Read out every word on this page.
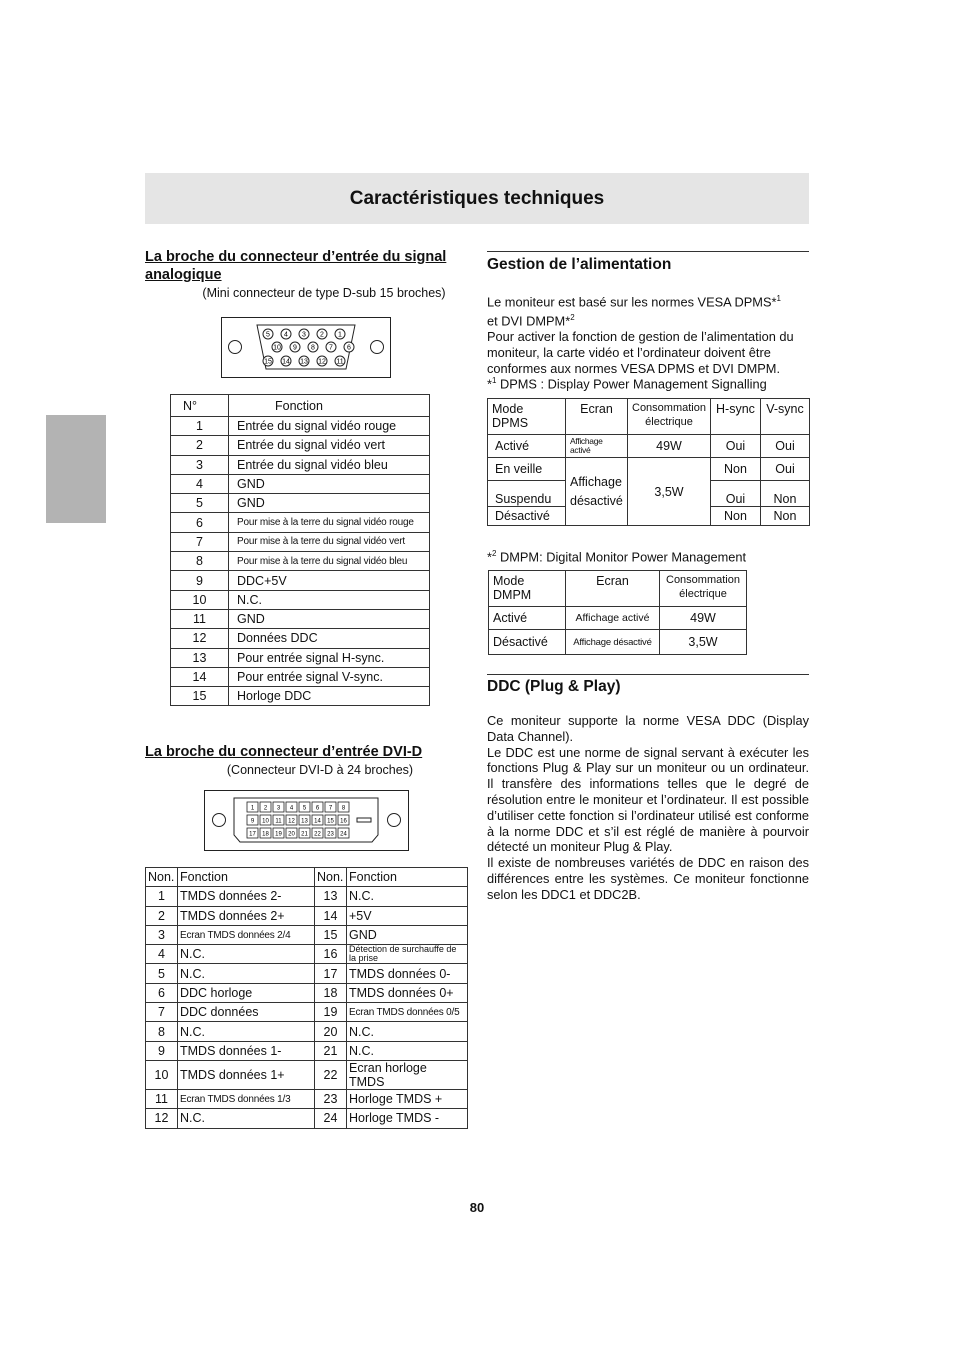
Caractéristiques techniques
La broche du connecteur d’entrée du signal analogique
(Mini connecteur de type D-sub 15 broches)
5 4 3 2 1
10 9 8 7 6
15 14 13 12 11
N°	Fonction
1	Entrée du signal vidéo rouge
2	Entrée du signal vidéo vert
3	Entrée du signal vidéo bleu
4	GND
5	GND
6	Pour mise à la terre du signal vidéo rouge
7	Pour mise à la terre du signal vidéo vert
8	Pour mise à la terre du signal vidéo bleu
9	DDC+5V
10	N.C.
11	GND
12	Données DDC
13	Pour entrée signal H-sync.
14	Pour entrée signal V-sync.
15	Horloge DDC
La broche du connecteur d’entrée DVI-D
(Connecteur DVI-D à 24 broches)
1 2 3 4 5 6 7 8
9 10 11 12 13 14 15 16
17 18 19 20 21 22 23 24
Non.	Fonction	Non.	Fonction
1	TMDS données 2-	13	N.C.
2	TMDS données 2+	14	+5V
3	Ecran TMDS données 2/4	15	GND
4	N.C.	16	Détection de surchauffe de la prise
5	N.C.	17	TMDS données 0-
6	DDC horloge	18	TMDS données 0+
7	DDC données	19	Ecran TMDS données 0/5
8	N.C.	20	N.C.
9	TMDS données 1-	21	N.C.
10	TMDS données 1+	22	Ecran horloge TMDS
11	Ecran TMDS données 1/3	23	Horloge TMDS +
12	N.C.	24	Horloge TMDS -
Gestion de l’alimentation
Le moniteur est basé sur les normes VESA DPMS*$^1$
et DVI DMPM*$^2$
Pour activer la fonction de gestion de l’alimentation du moniteur, la carte vidéo et l’ordinateur doivent être conformes aux normes VESA DPMS et DVI DMPM.
*$^1$ DPMS : Display Power Management Signalling
Mode DPMS	Ecran	Consommation électrique	H-sync	V-sync
Activé	Affichage activé	49W	Oui	Oui
En veille	Affichage désactivé	3,5W	Non	Oui
Suspendu			Oui	Non
Désactivé			Non	Non
*$^2$ DMPM: Digital Monitor Power Management
Mode DMPM	Ecran	Consommation électrique
Activé	Affichage activé	49W
Désactivé	Affichage désactivé	3,5W
DDC (Plug & Play)
Ce moniteur supporte la norme VESA DDC (Display Data Channel).
Le DDC est une norme de signal servant à exécuter les fonctions Plug & Play sur un moniteur ou un ordinateur. Il transfère des informations telles que le degré de résolution entre le moniteur et l’ordinateur. Il est possible d’utiliser cette fonction si l’ordinateur utilisé est conforme à la norme DDC et s’il est réglé de manière à pourvoir détecté un moniteur Plug & Play.
Il existe de nombreuses variétés de DDC en raison des différences entre les systèmes. Ce moniteur fonctionne selon les DDC1 et DDC2B.
80
